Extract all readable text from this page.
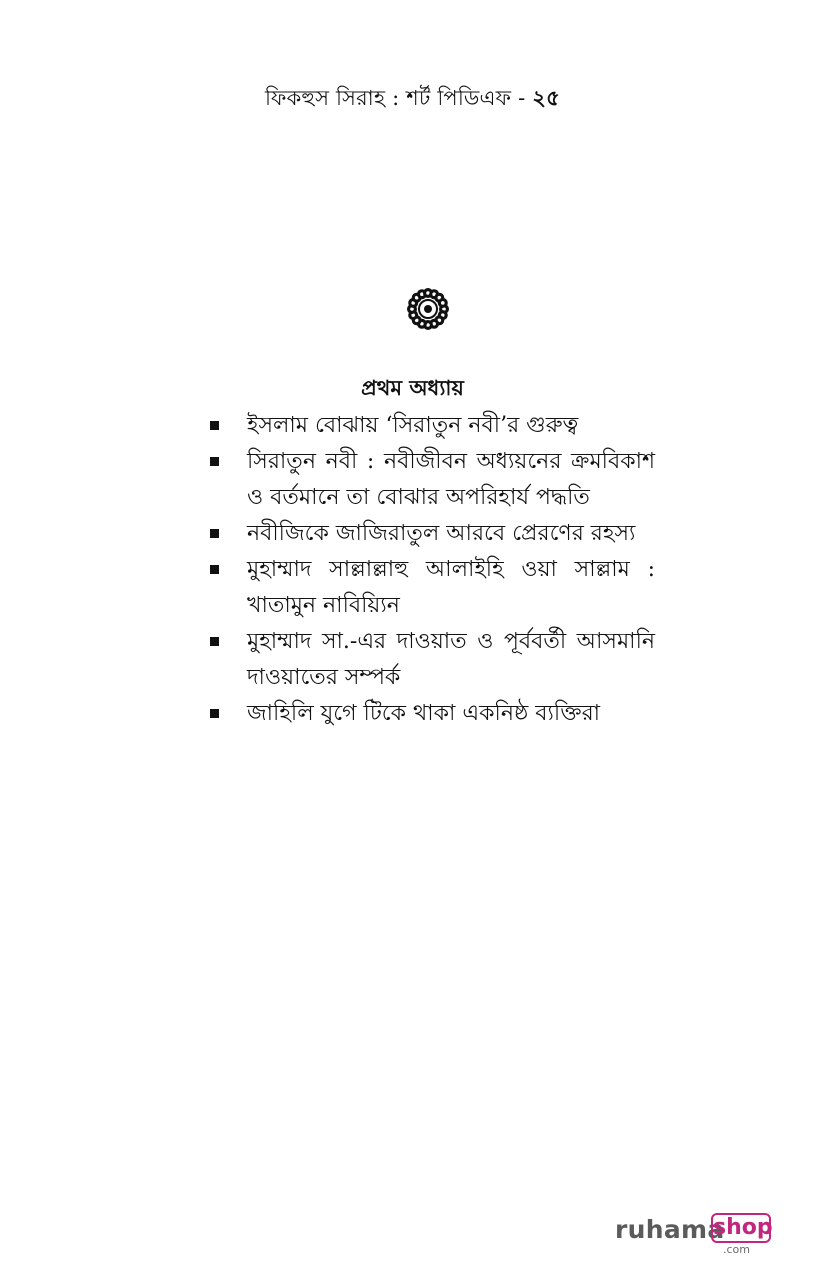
ফিকহুস সিরাহ : শর্ট পিডিএফ - ২৫
প্রথম অধ্যায়
ইসলাম বোঝায় ‘সিরাতুন নবী’র গুরুত্ব
সিরাতুন নবী : নবীজীবন অধ্যয়নের ক্রমবিকাশ ও বর্তমানে তা বোঝার অপরিহার্য পদ্ধতি
নবীজিকে জাজিরাতুল আরবে প্রেরণের রহস্য
মুহাম্মাদ সাল্লাল্লাহু আলাইহি ওয়া সাল্লাম : খাতামুন নাবিয়্যিন
মুহাম্মাদ সা.-এর দাওয়াত ও পূর্ববর্তী আসমানি দাওয়াতের সম্পর্ক
জাহিলি যুগে টিকে থাকা একনিষ্ঠ ব্যক্তিরা
ruhama
shop
.com
